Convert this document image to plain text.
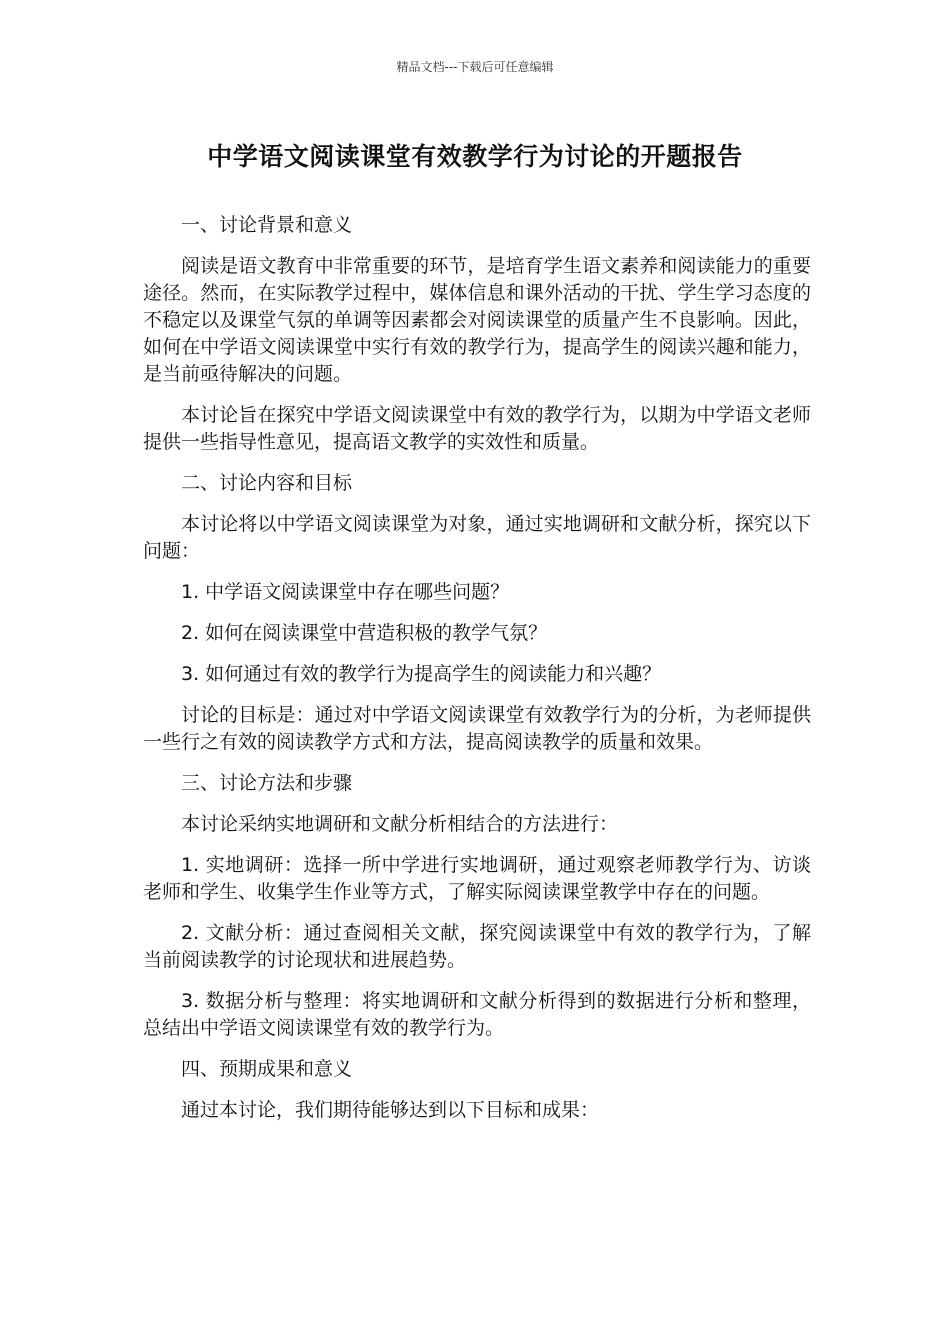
精品文档---下载后可任意编辑
中学语文阅读课堂有效教学行为讨论的开题报告

一、讨论背景和意义

阅读是语文教育中非常重要的环节，是培育学生语文素养和阅读能力的重要途径。然而，在实际教学过程中，媒体信息和课外活动的干扰、学生学习态度的不稳定以及课堂气氛的单调等因素都会对阅读课堂的质量产生不良影响。因此，如何在中学语文阅读课堂中实行有效的教学行为，提高学生的阅读兴趣和能力，是当前亟待解决的问题。

本讨论旨在探究中学语文阅读课堂中有效的教学行为，以期为中学语文老师提供一些指导性意见，提高语文教学的实效性和质量。

二、讨论内容和目标

本讨论将以中学语文阅读课堂为对象，通过实地调研和文献分析，探究以下问题：

1. 中学语文阅读课堂中存在哪些问题？

2. 如何在阅读课堂中营造积极的教学气氛？

3. 如何通过有效的教学行为提高学生的阅读能力和兴趣？

讨论的目标是：通过对中学语文阅读课堂有效教学行为的分析，为老师提供一些行之有效的阅读教学方式和方法，提高阅读教学的质量和效果。

三、讨论方法和步骤

本讨论采纳实地调研和文献分析相结合的方法进行：

1. 实地调研：选择一所中学进行实地调研，通过观察老师教学行为、访谈老师和学生、收集学生作业等方式，了解实际阅读课堂教学中存在的问题。

2. 文献分析：通过查阅相关文献，探究阅读课堂中有效的教学行为，了解当前阅读教学的讨论现状和进展趋势。

3. 数据分析与整理：将实地调研和文献分析得到的数据进行分析和整理，总结出中学语文阅读课堂有效的教学行为。

四、预期成果和意义

通过本讨论，我们期待能够达到以下目标和成果：
